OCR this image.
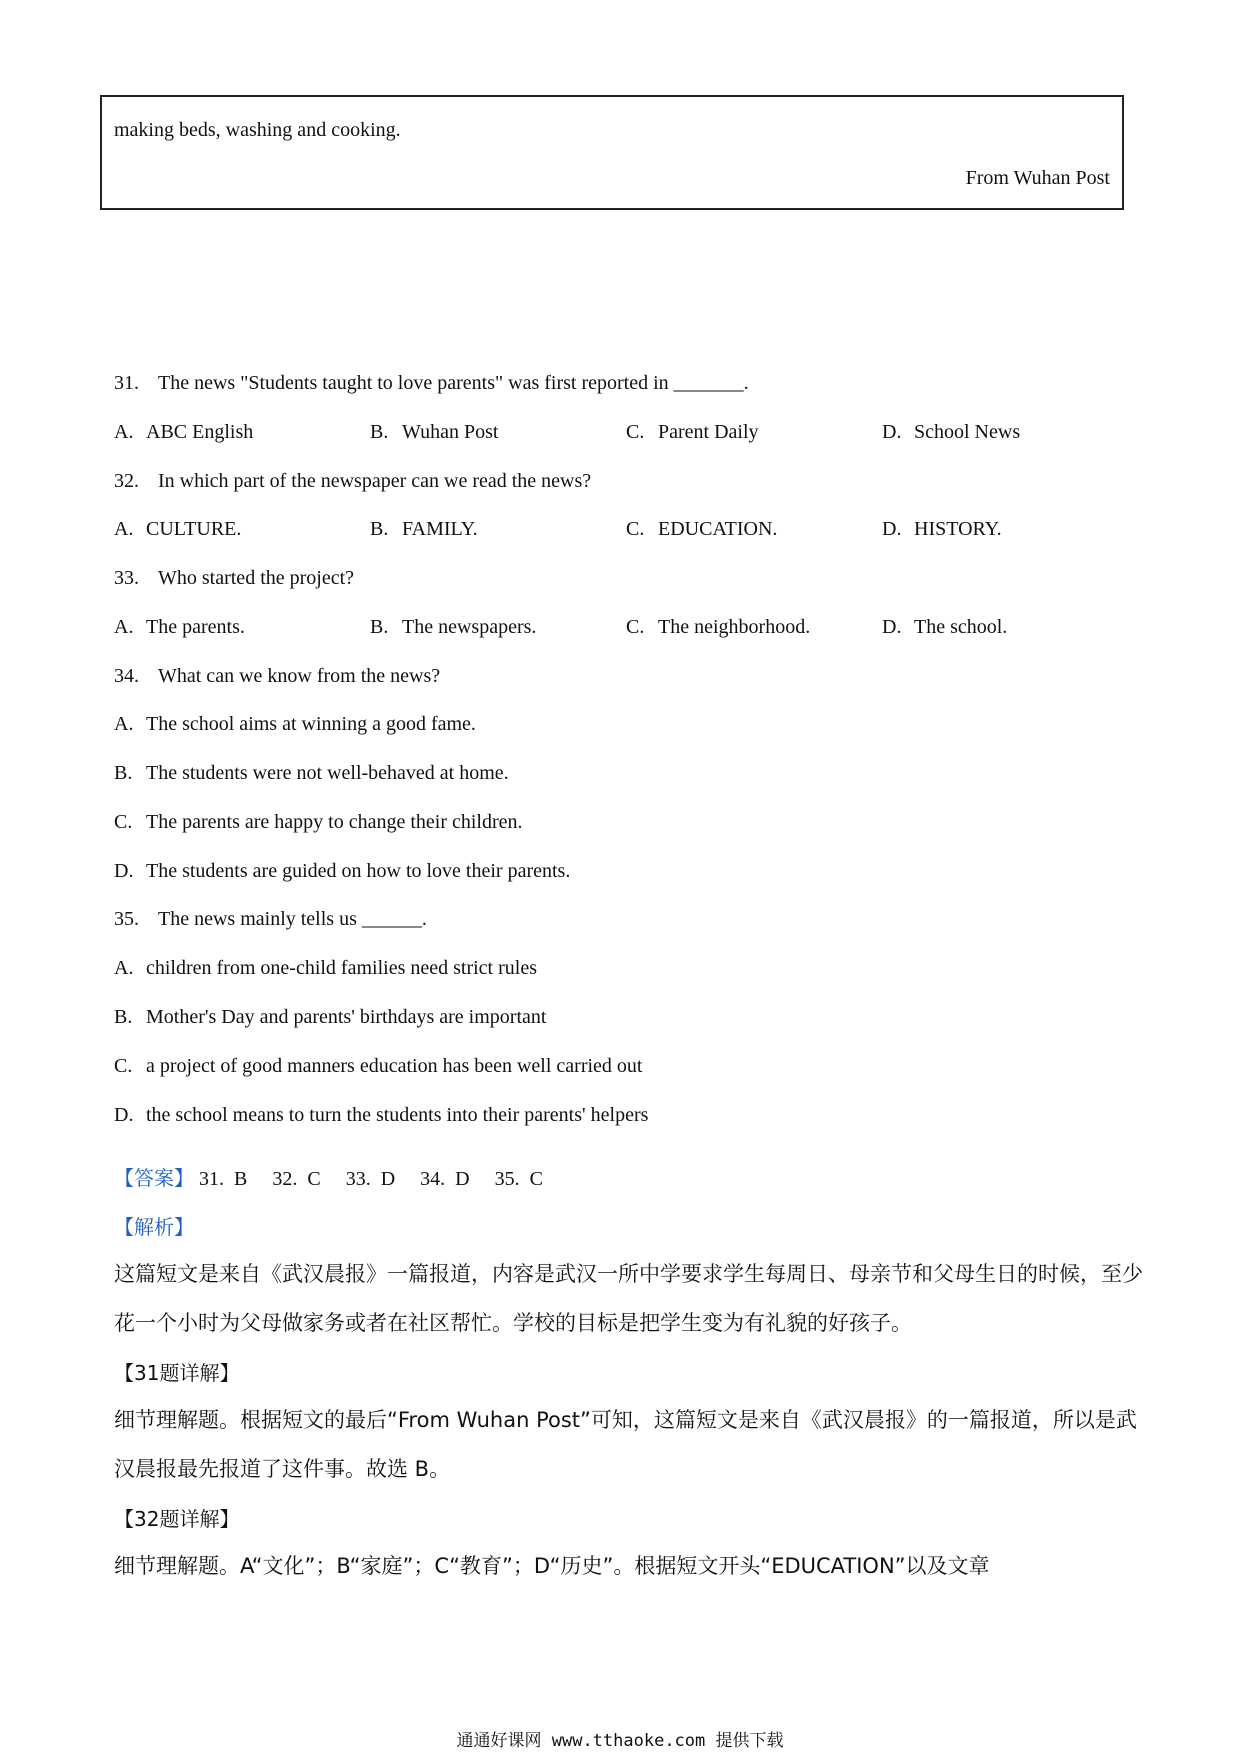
making beds, washing and cooking.
From Wuhan Post
31. The news "Students taught to love parents" was first reported in _______.
A. ABC English	B. Wuhan Post	C. Parent Daily	D. School News
32. In which part of the newspaper can we read the news?
A. CULTURE.	B. FAMILY.	C. EDUCATION.	D. HISTORY.
33. Who started the project?
A. The parents.	B. The newspapers.	C. The neighborhood.	D. The school.
34. What can we know from the news?
A. The school aims at winning a good fame.
B. The students were not well-behaved at home.
C. The parents are happy to change their children.
D. The students are guided on how to love their parents.
35. The news mainly tells us ______.
A. children from one-child families need strict rules
B. Mother's Day and parents' birthdays are important
C. a project of good manners education has been well carried out
D. the school means to turn the students into their parents' helpers
【答案】 31. B 32. C 33. D 34. D 35. C
【解析】
这篇短文是来自《武汉晨报》一篇报道，内容是武汉一所中学要求学生每周日、母亲节和父母生日的时候，至少花一个小时为父母做家务或者在社区帮忙。学校的目标是把学生变为有礼貌的好孩子。
【31题详解】
细节理解题。根据短文的最后“From Wuhan Post”可知，这篇短文是来自《武汉晨报》的一篇报道，所以是武汉晨报最先报道了这件事。故选 B。
【32题详解】
细节理解题。A“文化”；B“家庭”；C“教育”；D“历史”。根据短文开头“EDUCATION”以及文章
通通好课网 www.tthaoke.com 提供下载
